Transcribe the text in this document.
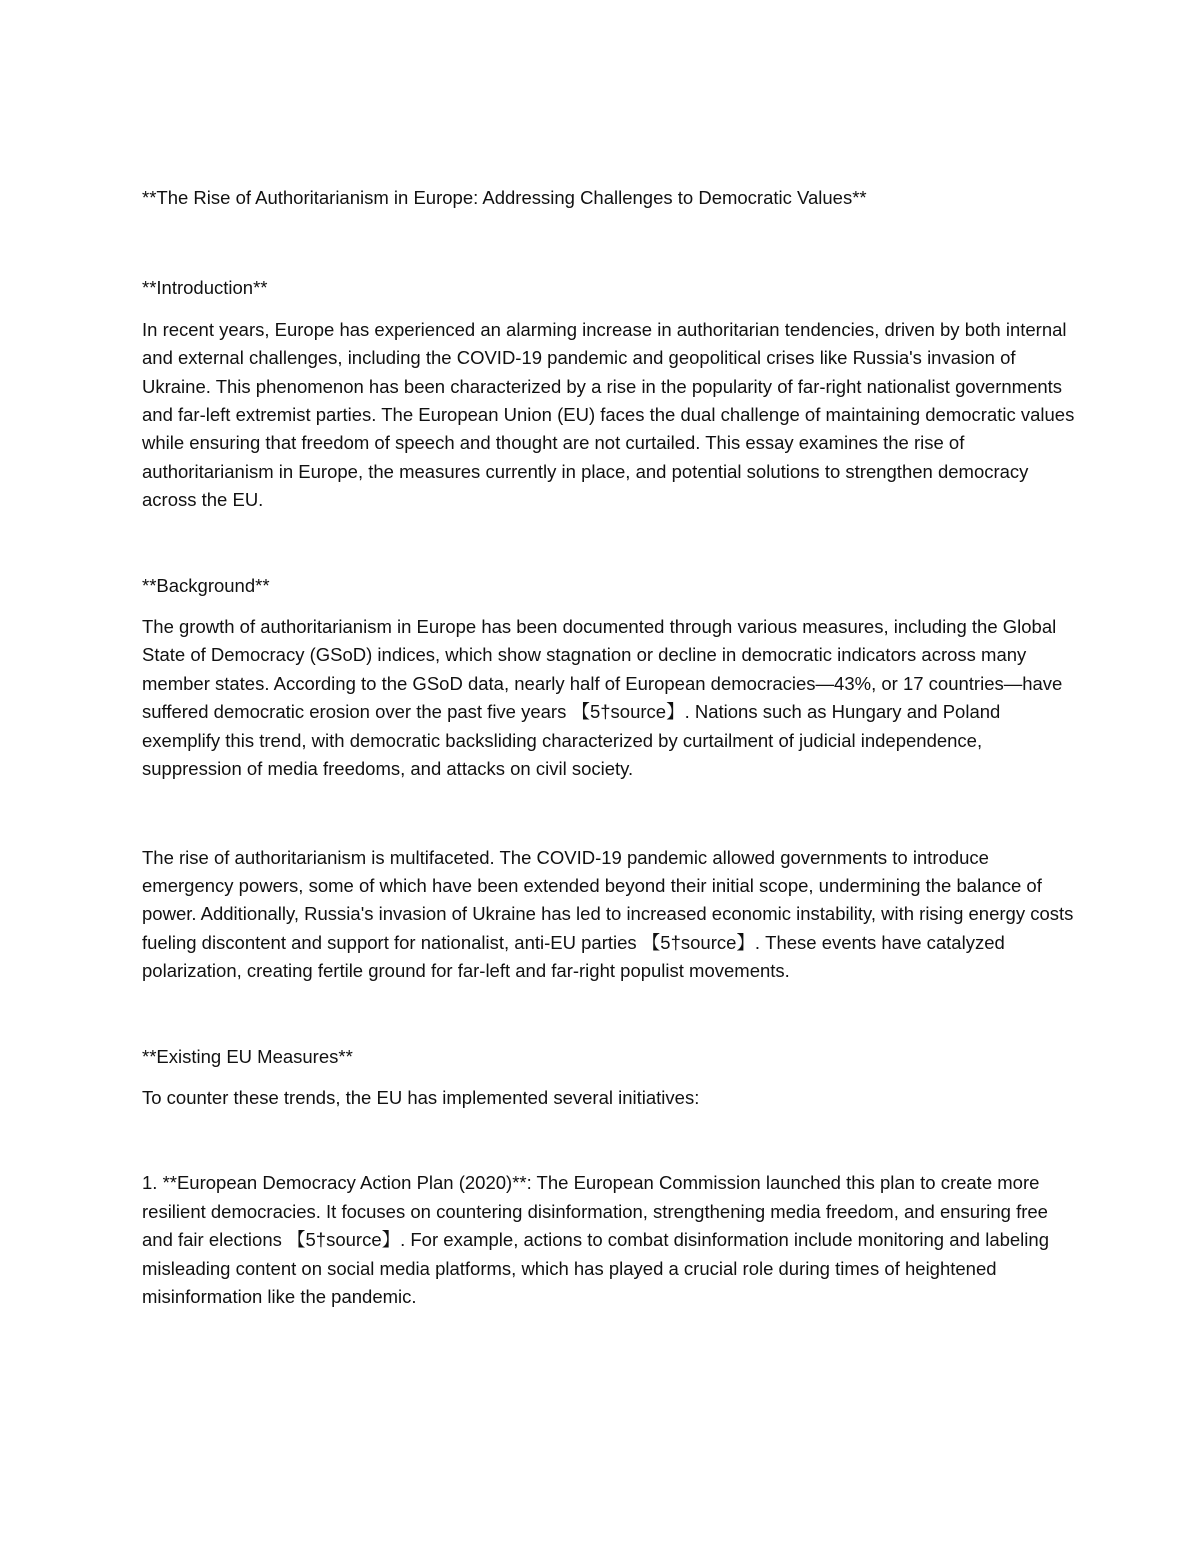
**The Rise of Authoritarianism in Europe: Addressing Challenges to Democratic Values**

**Introduction**

In recent years, Europe has experienced an alarming increase in authoritarian tendencies, driven by both internal and external challenges, including the COVID-19 pandemic and geopolitical crises like Russia's invasion of Ukraine. This phenomenon has been characterized by a rise in the popularity of far-right nationalist governments and far-left extremist parties. The European Union (EU) faces the dual challenge of maintaining democratic values while ensuring that freedom of speech and thought are not curtailed. This essay examines the rise of authoritarianism in Europe, the measures currently in place, and potential solutions to strengthen democracy across the EU.

**Background**

The growth of authoritarianism in Europe has been documented through various measures, including the Global State of Democracy (GSoD) indices, which show stagnation or decline in democratic indicators across many member states. According to the GSoD data, nearly half of European democracies—43%, or 17 countries—have suffered democratic erosion over the past five years 【5†source】. Nations such as Hungary and Poland exemplify this trend, with democratic backsliding characterized by curtailment of judicial independence, suppression of media freedoms, and attacks on civil society.

The rise of authoritarianism is multifaceted. The COVID-19 pandemic allowed governments to introduce emergency powers, some of which have been extended beyond their initial scope, undermining the balance of power. Additionally, Russia's invasion of Ukraine has led to increased economic instability, with rising energy costs fueling discontent and support for nationalist, anti-EU parties 【5†source】. These events have catalyzed polarization, creating fertile ground for far-left and far-right populist movements.

**Existing EU Measures**

To counter these trends, the EU has implemented several initiatives:

1. **European Democracy Action Plan (2020)**: The European Commission launched this plan to create more resilient democracies. It focuses on countering disinformation, strengthening media freedom, and ensuring free and fair elections 【5†source】. For example, actions to combat disinformation include monitoring and labeling misleading content on social media platforms, which has played a crucial role during times of heightened misinformation like the pandemic.
